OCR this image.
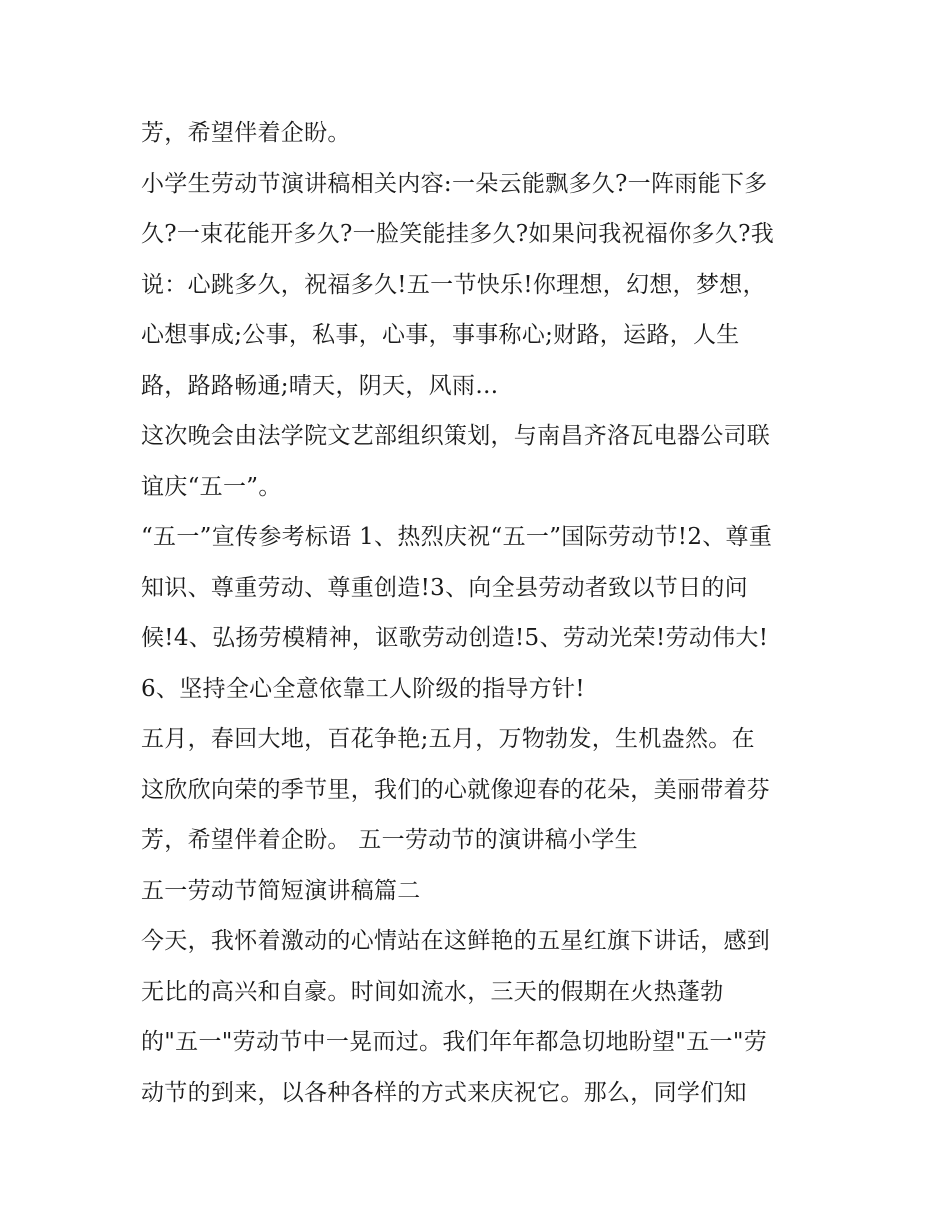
芳，希望伴着企盼。
小学生劳动节演讲稿相关内容:一朵云能飘多久?一阵雨能下多
久?一束花能开多久?一脸笑能挂多久?如果问我祝福你多久?我
说：心跳多久，祝福多久!五一节快乐!你理想，幻想，梦想，
心想事成;公事，私事，心事，事事称心;财路，运路，人生
路，路路畅通;晴天，阴天，风雨…
这次晚会由法学院文艺部组织策划，与南昌齐洛瓦电器公司联
谊庆“五一”。
“五一”宣传参考标语 1、热烈庆祝“五一”国际劳动节!2、尊重
知识、尊重劳动、尊重创造!3、向全县劳动者致以节日的问
候!4、弘扬劳模精神，讴歌劳动创造!5、劳动光荣!劳动伟大!
6、坚持全心全意依靠工人阶级的指导方针!
五月，春回大地，百花争艳;五月，万物勃发，生机盎然。在
这欣欣向荣的季节里，我们的心就像迎春的花朵，美丽带着芬
芳，希望伴着企盼。 五一劳动节的演讲稿小学生
五一劳动节简短演讲稿篇二
今天，我怀着激动的心情站在这鲜艳的五星红旗下讲话，感到
无比的高兴和自豪。时间如流水，三天的假期在火热蓬勃
的"五一"劳动节中一晃而过。我们年年都急切地盼望"五一"劳
动节的到来，以各种各样的方式来庆祝它。那么，同学们知
